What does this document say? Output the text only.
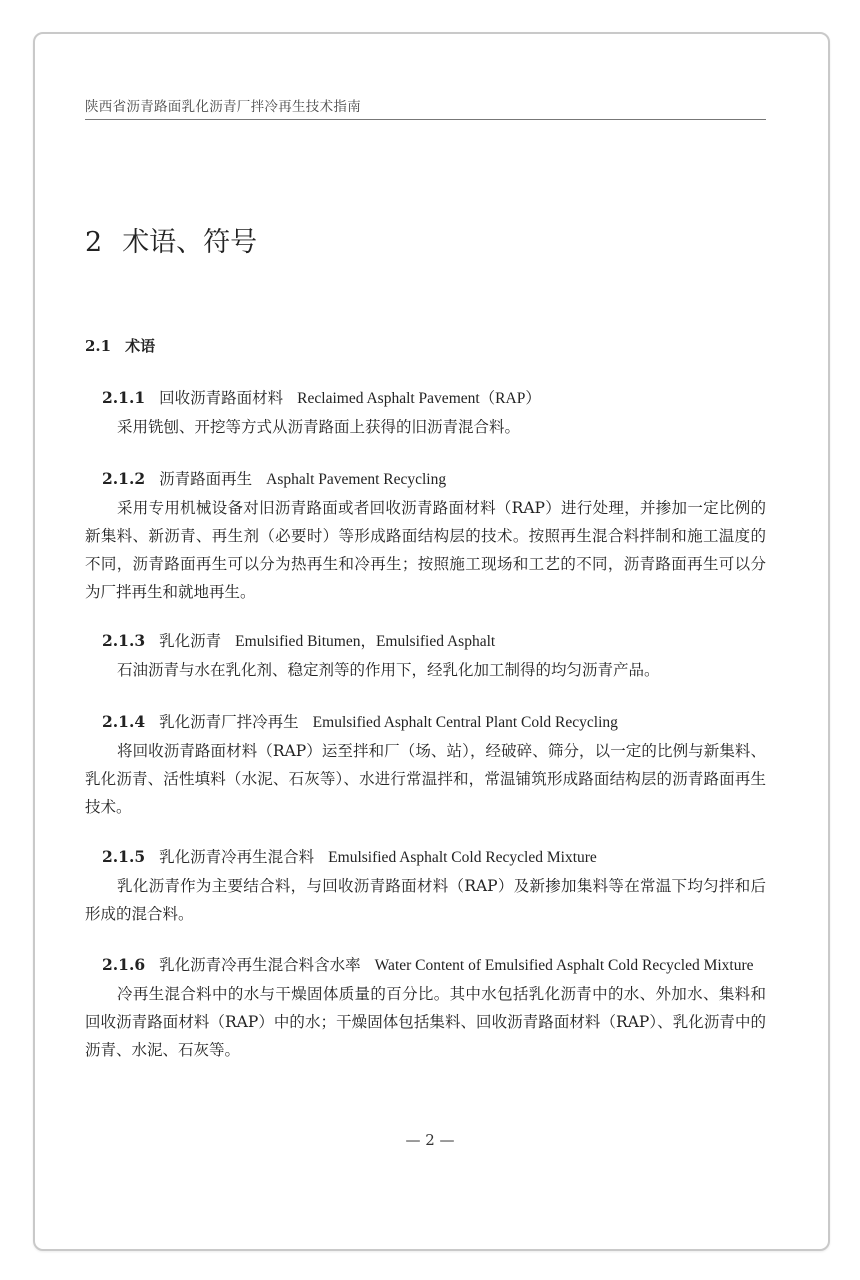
陕西省沥青路面乳化沥青厂拌冷再生技术指南
2 术语、符号
2.1 术语
2.1.1 回收沥青路面材料 Reclaimed Asphalt Pavement（RAP）
采用铣刨、开挖等方式从沥青路面上获得的旧沥青混合料。
2.1.2 沥青路面再生 Asphalt Pavement Recycling
采用专用机械设备对旧沥青路面或者回收沥青路面材料（RAP）进行处理，并掺加一定比例的新集料、新沥青、再生剂（必要时）等形成路面结构层的技术。按照再生混合料拌制和施工温度的不同，沥青路面再生可以分为热再生和冷再生；按照施工现场和工艺的不同，沥青路面再生可以分为厂拌再生和就地再生。
2.1.3 乳化沥青 Emulsified Bitumen，Emulsified Asphalt
石油沥青与水在乳化剂、稳定剂等的作用下，经乳化加工制得的均匀沥青产品。
2.1.4 乳化沥青厂拌冷再生 Emulsified Asphalt Central Plant Cold Recycling
将回收沥青路面材料（RAP）运至拌和厂（场、站），经破碎、筛分，以一定的比例与新集料、乳化沥青、活性填料（水泥、石灰等）、水进行常温拌和，常温铺筑形成路面结构层的沥青路面再生技术。
2.1.5 乳化沥青冷再生混合料 Emulsified Asphalt Cold Recycled Mixture
乳化沥青作为主要结合料，与回收沥青路面材料（RAP）及新掺加集料等在常温下均匀拌和后形成的混合料。
2.1.6 乳化沥青冷再生混合料含水率 Water Content of Emulsified Asphalt Cold Recycled Mixture
冷再生混合料中的水与干燥固体质量的百分比。其中水包括乳化沥青中的水、外加水、集料和回收沥青路面材料（RAP）中的水；干燥固体包括集料、回收沥青路面材料（RAP）、乳化沥青中的沥青、水泥、石灰等。
— 2 —
